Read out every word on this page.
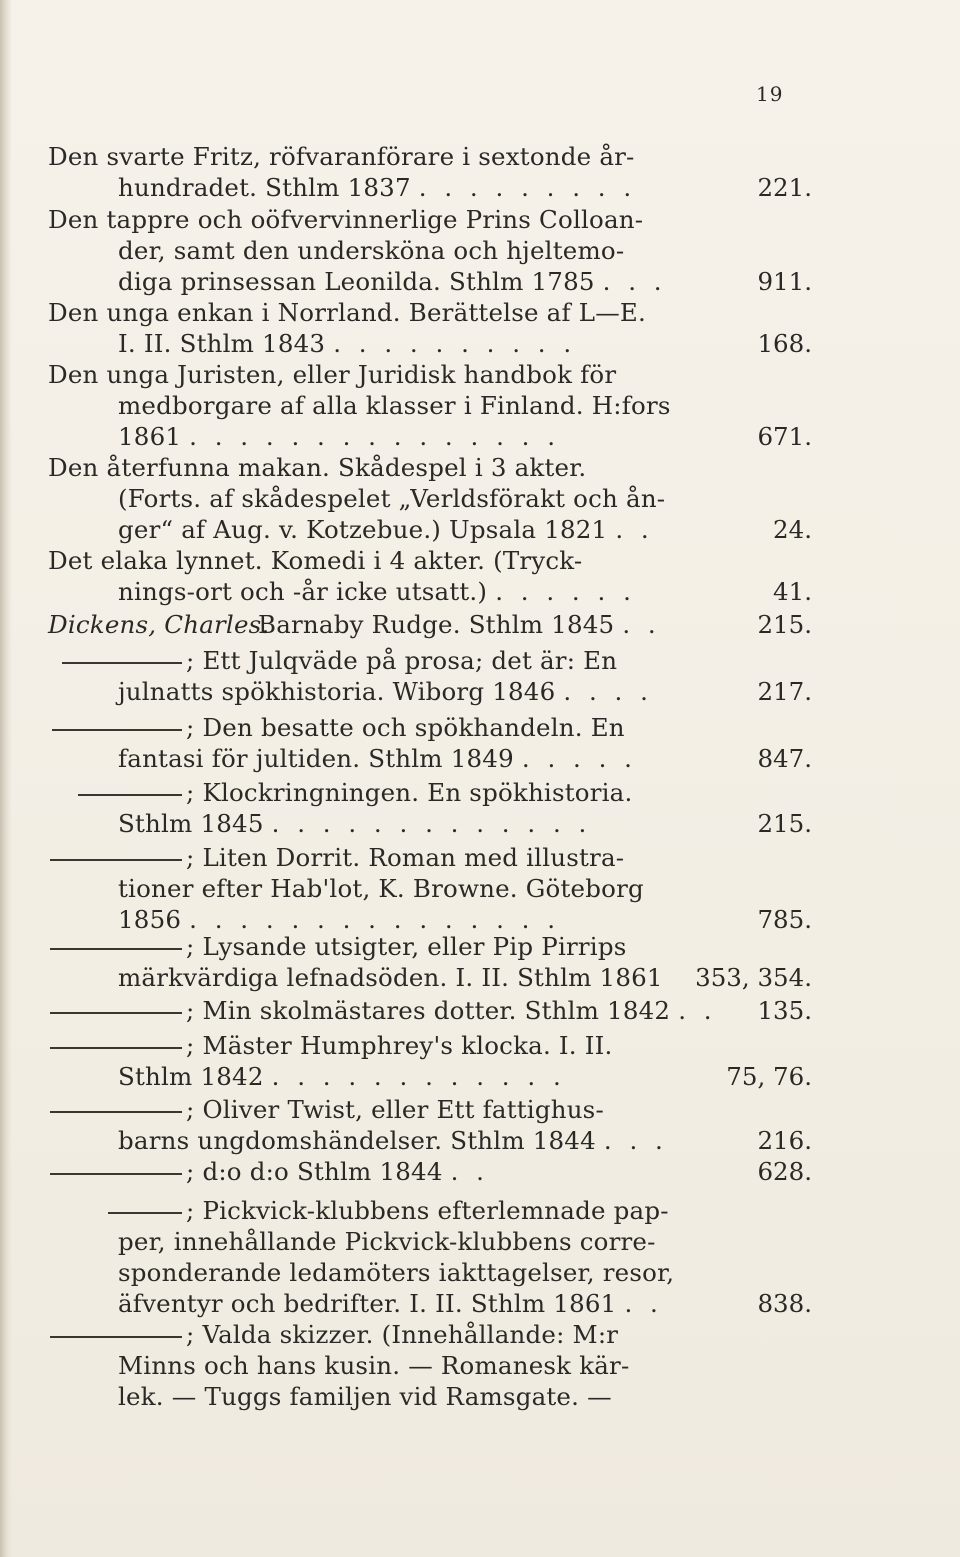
19
Den svarte Fritz, röfvaranförare i sextonde år-
hundradet. Sthlm 1837 . . . . . . . . .	221.
Den tappre och oöfvervinnerlige Prins Colloan-
der, samt den undersköna och hjeltemo-
diga prinsessan Leonilda. Sthlm 1785 . . .	911.
Den unga enkan i Norrland. Berättelse af L—E.
I. II. Sthlm 1843 . . . . . . . . . .	168.
Den unga Juristen, eller Juridisk handbok för
medborgare af alla klasser i Finland. H:fors
1861 . . . . . . . . . . . . . . .	671.
Den återfunna makan. Skådespel i 3 akter.
(Forts. af skådespelet „Verldsförakt och ån-
ger“ af Aug. v. Kotzebue.) Upsala 1821 . .	24.
Det elaka lynnet. Komedi i 4 akter. (Tryck-
nings-ort och -år icke utsatt.) . . . . . .	41.
Dickens, Charles.
Barnaby Rudge. Sthlm 1845 . .	215.
; Ett Julqväde på prosa; det är: En
julnatts spökhistoria. Wiborg 1846 . . . .	217.
; Den besatte och spökhandeln. En
fantasi för jultiden. Sthlm 1849 . . . . .	847.
; Klockringningen. En spökhistoria.
Sthlm 1845 . . . . . . . . . . . . .	215.
; Liten Dorrit. Roman med illustra-
tioner efter Hab'lot, K. Browne. Göteborg
1856 . . . . . . . . . . . . . . .	785.
; Lysande utsigter, eller Pip Pirrips
märkvärdiga lefnadsöden. I. II. Sthlm 1861	353, 354.
; Min skolmästares dotter. Sthlm 1842 . .	135.
; Mäster Humphrey's klocka. I. II.
Sthlm 1842 . . . . . . . . . . . .	75, 76.
; Oliver Twist, eller Ett fattighus-
barns ungdomshändelser. Sthlm 1844 . . .	216.
; d:o d:o Sthlm 1844 . .	628.
; Pickvick-klubbens efterlemnade pap-
per, innehållande Pickvick-klubbens corre-
sponderande ledamöters iakttagelser, resor,
äfventyr och bedrifter. I. II. Sthlm 1861 . .	838.
; Valda skizzer. (Innehållande: M:r
Minns och hans kusin. — Romanesk kär-
lek. — Tuggs familjen vid Ramsgate. —
